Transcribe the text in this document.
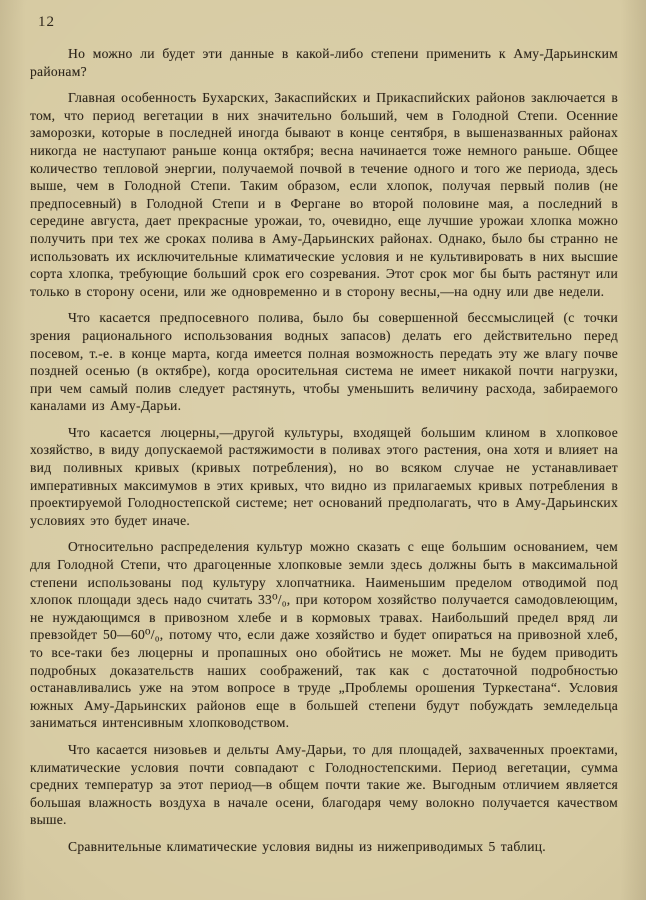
12

Но можно ли будет эти данные в какой-либо степени применить к Аму-Дарьинским районам?

Главная особенность Бухарских, Закаспийских и Прикаспийских районов заключается в том, что период вегетации в них значительно больший, чем в Голодной Степи. Осенние заморозки, которые в последней иногда бывают в конце сентября, в вышеназванных районах никогда не наступают раньше конца октября; весна начинается тоже немного раньше. Общее количество тепловой энергии, получаемой почвой в течение одного и того же периода, здесь выше, чем в Голодной Степи. Таким образом, если хлопок, получая первый полив (не предпосевный) в Голодной Степи и в Фергане во второй половине мая, а последний в середине августа, дает прекрасные урожаи, то, очевидно, еще лучшие урожаи хлопка можно получить при тех же сроках полива в Аму-Дарьинских районах. Однако, было бы странно не использовать их исключительные климатические условия и не культивировать в них высшие сорта хлопка, требующие больший срок его созревания. Этот срок мог бы быть растянут или только в сторону осени, или же одновременно и в сторону весны,—на одну или две недели.

Что касается предпосевного полива, было бы совершенной бессмыслицей (с точки зрения рационального использования водных запасов) делать его действительно перед посевом, т.-е. в конце марта, когда имеется полная возможность передать эту же влагу почве поздней осенью (в октябре), когда оросительная система не имеет никакой почти нагрузки, при чем самый полив следует растянуть, чтобы уменьшить величину расхода, забираемого каналами из Аму-Дарьи.

Что касается люцерны,—другой культуры, входящей большим клином в хлопковое хозяйство, в виду допускаемой растяжимости в поливах этого растения, она хотя и влияет на вид поливных кривых (кривых потребления), но во всяком случае не устанавливает императивных максимумов в этих кривых, что видно из прилагаемых кривых потребления в проектируемой Голодностепской системе; нет оснований предполагать, что в Аму-Дарьинских условиях это будет иначе.

Относительно распределения культур можно сказать с еще большим основанием, чем для Голодной Степи, что драгоценные хлопковые земли здесь должны быть в максимальной степени использованы под культуру хлопчатника. Наименьшим пределом отводимой под хлопок площади здесь надо считать 33⁰/₀, при котором хозяйство получается самодовлеющим, не нуждающимся в привозном хлебе и в кормовых травах. Наибольший предел вряд ли превзойдет 50—60⁰/₀, потому что, если даже хозяйство и будет опираться на привозной хлеб, то все-таки без люцерны и пропашных оно обойтись не может. Мы не будем приводить подробных доказательств наших соображений, так как с достаточной подробностью останавливались уже на этом вопросе в труде „Проблемы орошения Туркестана“. Условия южных Аму-Дарьинских районов еще в большей степени будут побуждать земледельца заниматься интенсивным хлопководством.

Что касается низовьев и дельты Аму-Дарьи, то для площадей, захваченных проектами, климатические условия почти совпадают с Голодностепскими. Период вегетации, сумма средних температур за этот период—в общем почти такие же. Выгодным отличием является большая влажность воздуха в начале осени, благодаря чему волокно получается качеством выше.

Сравнительные климатические условия видны из нижеприводимых 5 таблиц.
